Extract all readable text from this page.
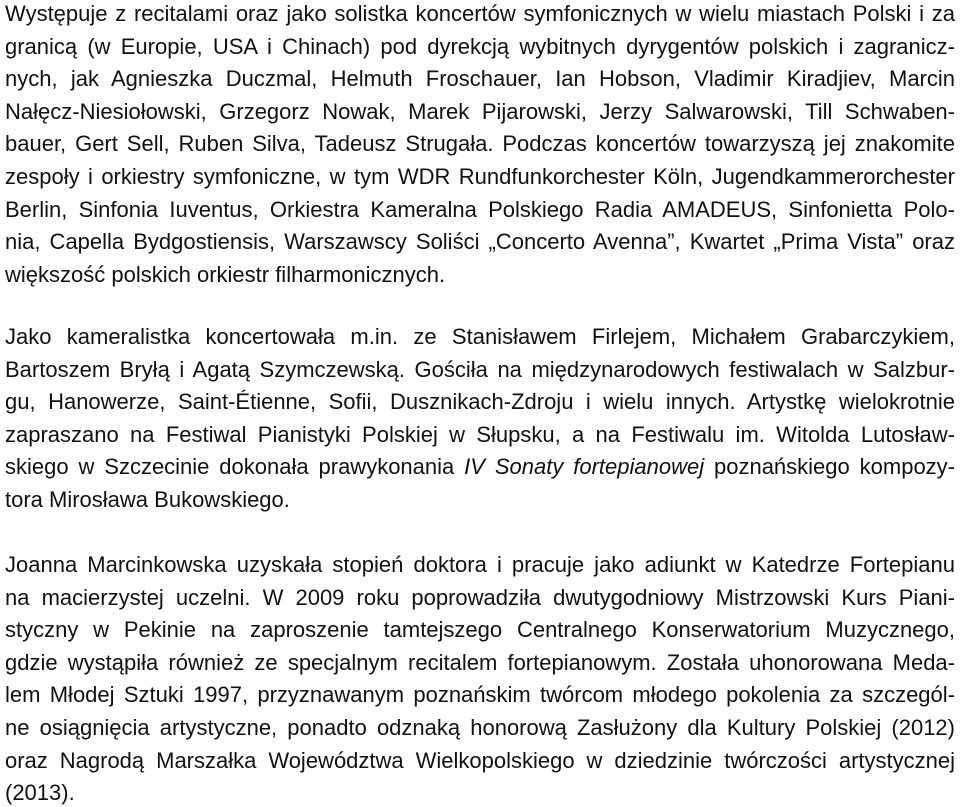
Występuje z recitalami oraz jako solistka koncertów symfonicznych w wielu miastach Polski i za
granicą (w Europie, USA i Chinach) pod dyrekcją wybitnych dyrygentów polskich i zagranicz-
nych, jak Agnieszka Duczmal, Helmuth Froschauer, Ian Hobson, Vladimir Kiradjiev, Marcin
Nałęcz-Niesiołowski, Grzegorz Nowak, Marek Pijarowski, Jerzy Salwarowski, Till Schwaben-
bauer, Gert Sell, Ruben Silva, Tadeusz Strugała. Podczas koncertów towarzyszą jej znakomite
zespoły i orkiestry symfoniczne, w tym WDR Rundfunkorchester Köln, Jugendkammerorchester
Berlin, Sinfonia Iuventus, Orkiestra Kameralna Polskiego Radia AMADEUS, Sinfonietta Polo-
nia, Capella Bydgostiensis, Warszawscy Soliści „Concerto Avenna”, Kwartet „Prima Vista” oraz
większość polskich orkiestr filharmonicznych.
Jako kameralistka koncertowała m.in. ze Stanisławem Firlejem, Michałem Grabarczykiem,
Bartoszem Bryłą i Agatą Szymczewską. Gościła na międzynarodowych festiwalach w Salzbur-
gu, Hanowerze, Saint-Étienne, Sofii, Dusznikach-Zdroju i wielu innych. Artystkę wielokrotnie
zapraszano na Festiwal Pianistyki Polskiej w Słupsku, a na Festiwalu im. Witolda Lutosław-
skiego w Szczecinie dokonała prawykonania IV Sonaty fortepianowej poznańskiego kompozy-
tora Mirosława Bukowskiego.
Joanna Marcinkowska uzyskała stopień doktora i pracuje jako adiunkt w Katedrze Fortepianu
na macierzystej uczelni. W 2009 roku poprowadziła dwutygodniowy Mistrzowski Kurs Piani-
styczny w Pekinie na zaproszenie tamtejszego Centralnego Konserwatorium Muzycznego,
gdzie wystąpiła również ze specjalnym recitalem fortepianowym. Została uhonorowana Meda-
lem Młodej Sztuki 1997, przyznawanym poznańskim twórcom młodego pokolenia za szczegól-
ne osiągnięcia artystyczne, ponadto odznaką honorową Zasłużony dla Kultury Polskiej (2012)
oraz Nagrodą Marszałka Województwa Wielkopolskiego w dziedzinie twórczości artystycznej
(2013).
